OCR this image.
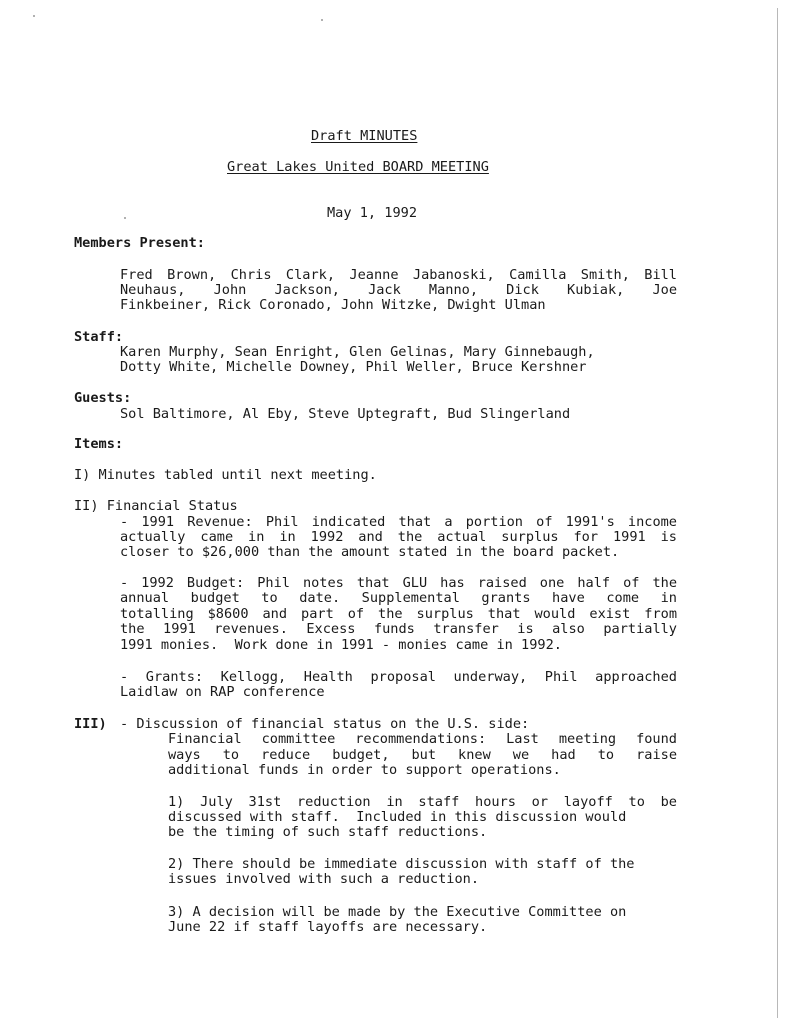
Draft MINUTES
Great Lakes United BOARD MEETING
May 1, 1992
Members Present:
Fred Brown, Chris Clark, Jeanne Jabanoski, Camilla Smith, Bill
Neuhaus, John Jackson, Jack Manno, Dick Kubiak, Joe
Finkbeiner, Rick Coronado, John Witzke, Dwight Ulman
Staff:
Karen Murphy, Sean Enright, Glen Gelinas, Mary Ginnebaugh,
Dotty White, Michelle Downey, Phil Weller, Bruce Kershner
Guests:
Sol Baltimore, Al Eby, Steve Uptegraft, Bud Slingerland
Items:
I) Minutes tabled until next meeting.
II) Financial Status
- 1991 Revenue: Phil indicated that a portion of 1991's income
actually came in in 1992 and the actual surplus for 1991 is
closer to $26,000 than the amount stated in the board packet.
- 1992 Budget: Phil notes that GLU has raised one half of the
annual budget to date. Supplemental grants have come in
totalling $8600 and part of the surplus that would exist from
the 1991 revenues. Excess funds transfer is also partially
1991 monies.  Work done in 1991 - monies came in 1992.
- Grants: Kellogg, Health proposal underway, Phil approached
Laidlaw on RAP conference
III) - Discussion of financial status on the U.S. side:
Financial committee recommendations: Last meeting found
ways to reduce budget, but knew we had to raise
additional funds in order to support operations.
1) July 31st reduction in staff hours or layoff to be
discussed with staff.  Included in this discussion would
be the timing of such staff reductions.
2) There should be immediate discussion with staff of the
issues involved with such a reduction.
3) A decision will be made by the Executive Committee on
June 22 if staff layoffs are necessary.
